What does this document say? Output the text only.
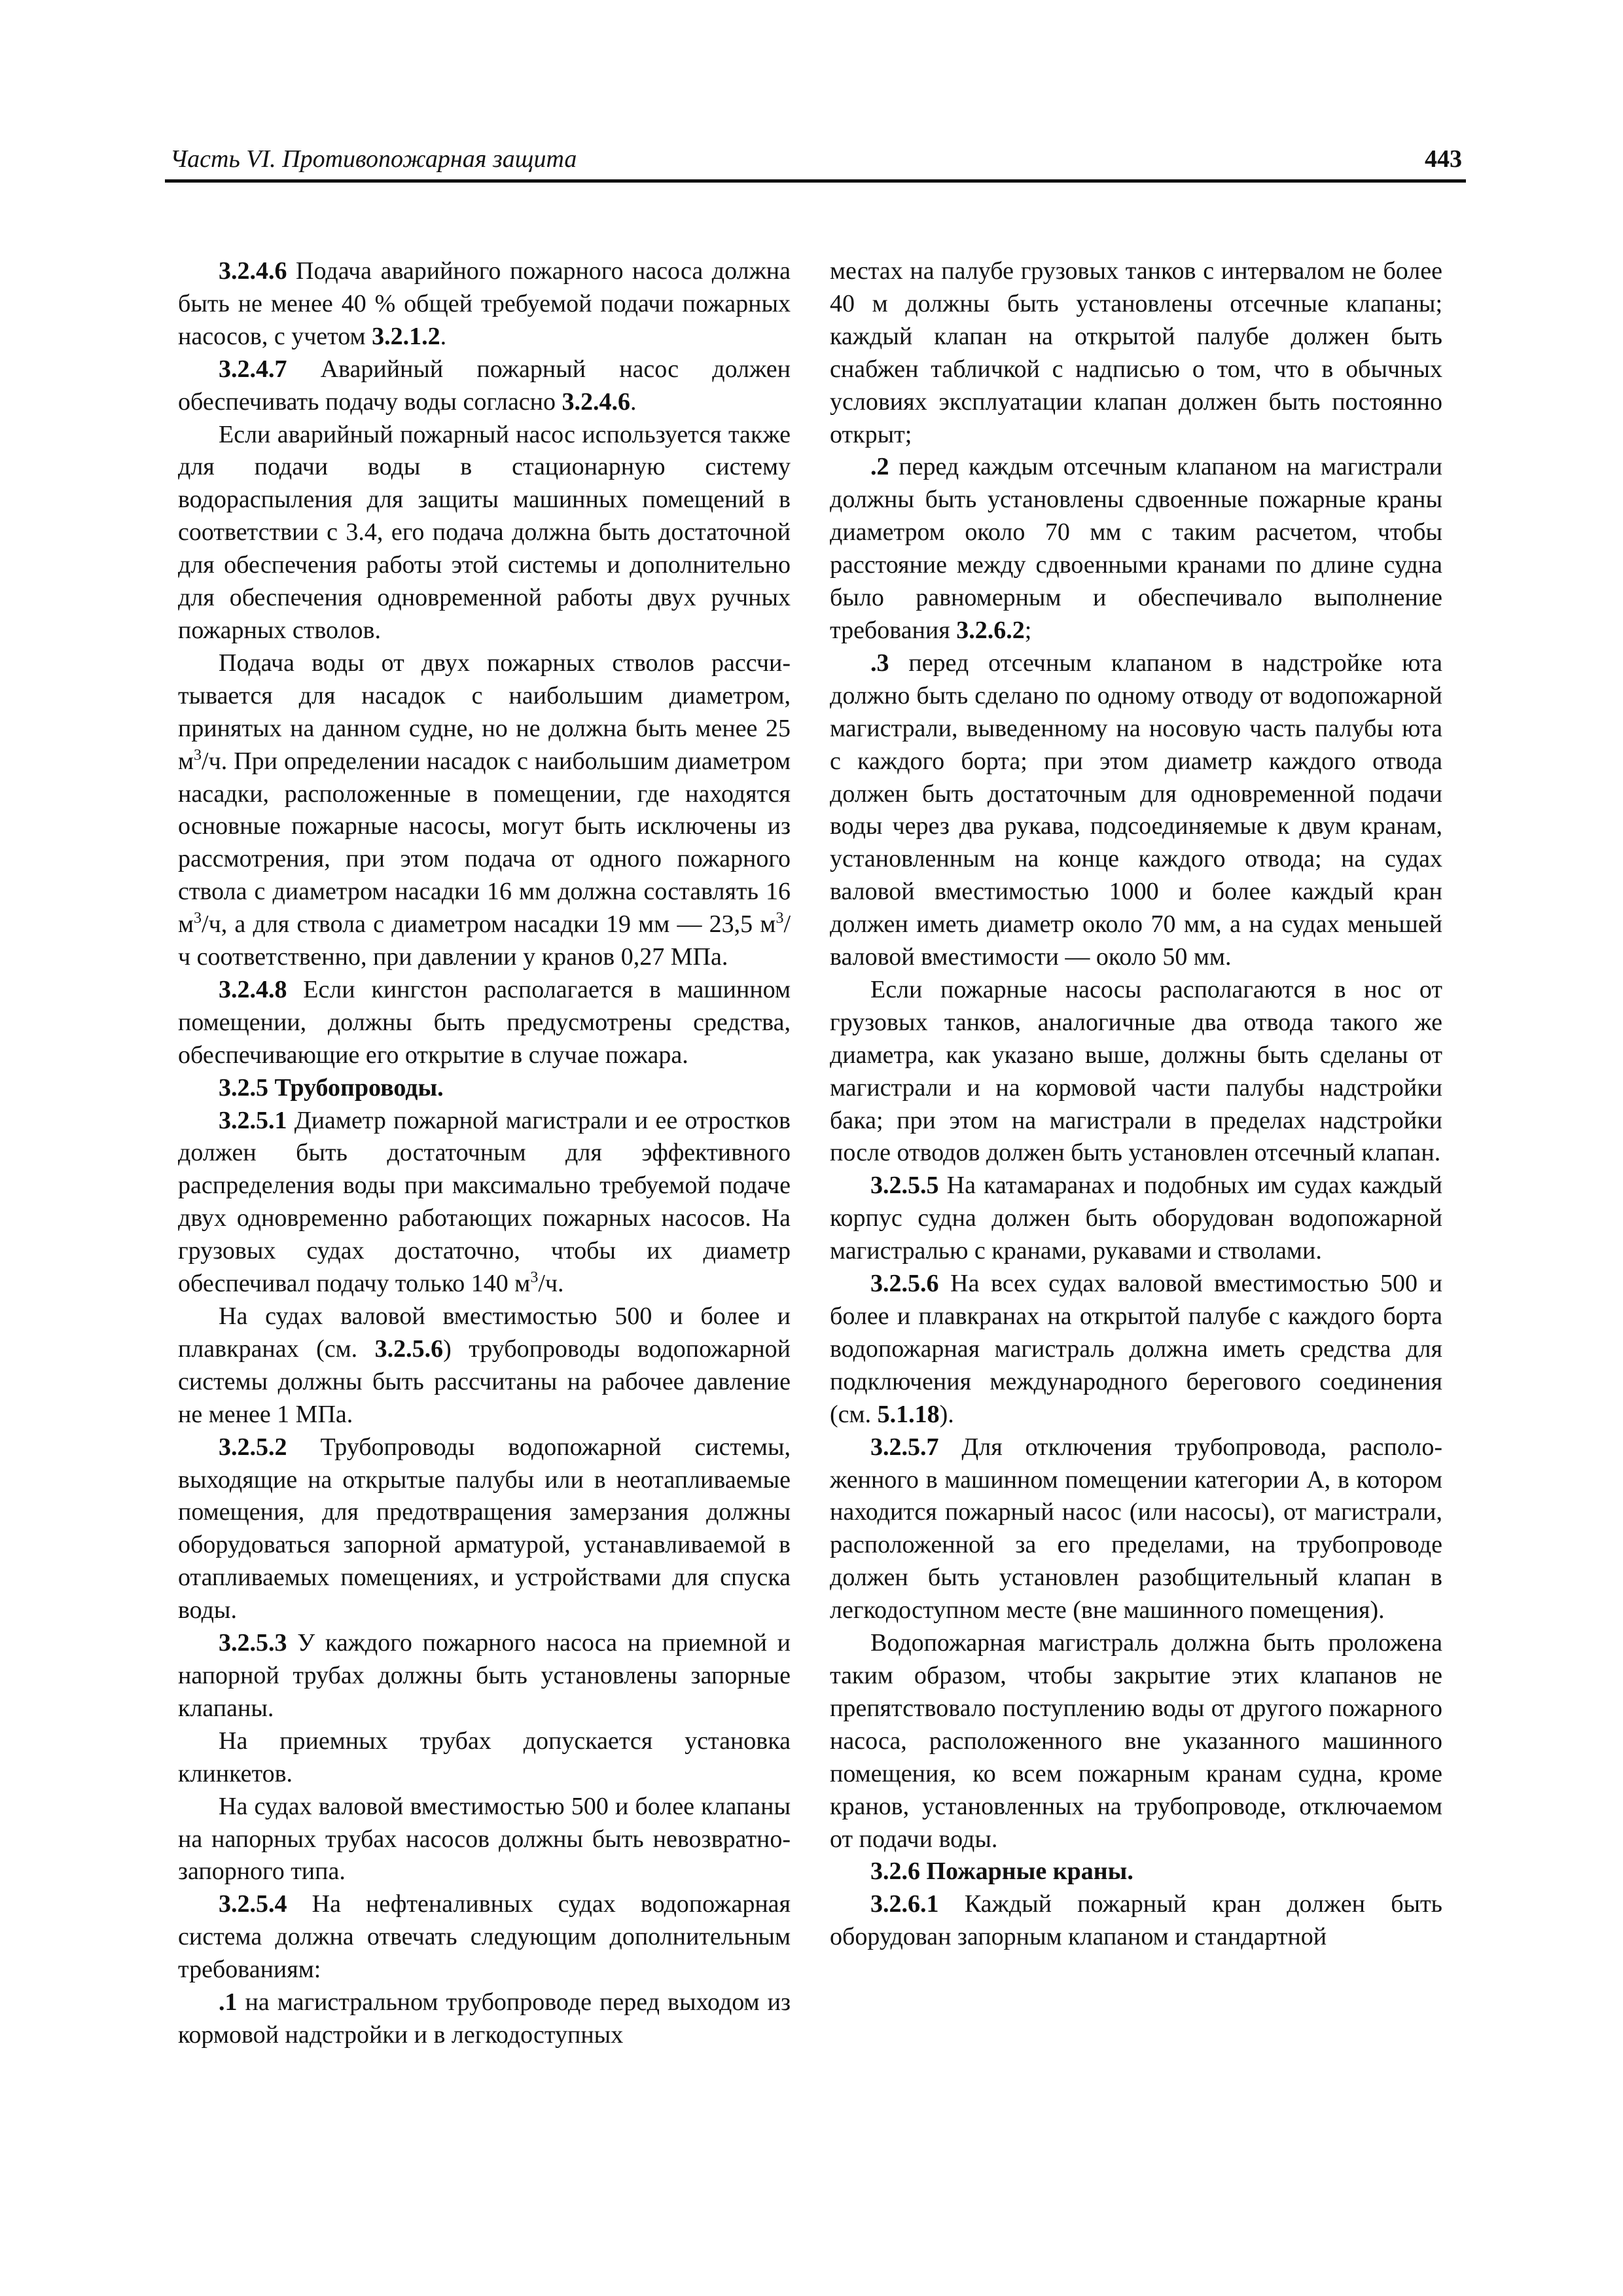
Часть VI. Противопожарная защита	443

3.2.4.6 Подача аварийного пожарного насоса должна быть не менее 40 % общей требуемой подачи пожарных насосов, с учетом 3.2.1.2.

3.2.4.7 Аварийный пожарный насос должен обеспечивать подачу воды согласно 3.2.4.6.

Если аварийный пожарный насос используется также для подачи воды в стационарную систему водораспыления для защиты машинных помещений в соответствии с 3.4, его подача должна быть достаточной для обеспечения работы этой системы и дополнительно для обеспечения одновременной работы двух ручных пожарных стволов.

Подача воды от двух пожарных стволов рассчитывается для насадок с наибольшим диаметром, принятых на данном судне, но не должна быть менее 25 $м^3/ч$. При определении насадок с наибольшим диаметром насадки, расположенные в помещении, где находятся основные пожарные насосы, могут быть исключены из рассмотрения, при этом подача от одного пожарного ствола с диаметром насадки 16 мм должна составлять 16 $м^3/ч$, а для ствола с диаметром насадки 19 мм — 23,5 $м^3/ч$ соответственно, при давлении у кранов 0,27 МПа.

3.2.4.8 Если кингстон располагается в машинном помещении, должны быть предусмотрены средства, обеспечивающие его открытие в случае пожара.

3.2.5 Трубопроводы.

3.2.5.1 Диаметр пожарной магистрали и ее отростков должен быть достаточным для эффективного распределения воды при максимально требуемой подаче двух одновременно работающих пожарных насосов. На грузовых судах достаточно, чтобы их диаметр обеспечивал подачу только 140 $м^3/ч$.

На судах валовой вместимостью 500 и более и плавкранах (см. 3.2.5.6) трубопроводы водопожарной системы должны быть рассчитаны на рабочее давление не менее 1 МПа.

3.2.5.2 Трубопроводы водопожарной системы, выходящие на открытые палубы или в неотапливаемые помещения, для предотвращения замерзания должны оборудоваться запорной арматурой, устанавливаемой в отапливаемых помещениях, и устройствами для спуска воды.

3.2.5.3 У каждого пожарного насоса на приемной и напорной трубах должны быть установлены запорные клапаны.

На приемных трубах допускается установка клинкетов.

На судах валовой вместимостью 500 и более клапаны на напорных трубах насосов должны быть невозвратно-запорного типа.

3.2.5.4 На нефтеналивных судах водопожарная система должна отвечать следующим дополнительным требованиям:

.1 на магистральном трубопроводе перед выходом из кормовой надстройки и в легкодоступных

местах на палубе грузовых танков с интервалом не более 40 м должны быть установлены отсечные клапаны; каждый клапан на открытой палубе должен быть снабжен табличкой с надписью о том, что в обычных условиях эксплуатации клапан должен быть постоянно открыт;

.2 перед каждым отсечным клапаном на магистрали должны быть установлены сдвоенные пожарные краны диаметром около 70 мм с таким расчетом, чтобы расстояние между сдвоенными кранами по длине судна было равномерным и обеспечивало выполнение требования 3.2.6.2;

.3 перед отсечным клапаном в надстройке юта должно быть сделано по одному отводу от водопожарной магистрали, выведенному на носовую часть палубы юта с каждого борта; при этом диаметр каждого отвода должен быть достаточным для одновременной подачи воды через два рукава, подсоединяемые к двум кранам, установленным на конце каждого отвода; на судах валовой вместимостью 1000 и более каждый кран должен иметь диаметр около 70 мм, а на судах меньшей валовой вместимости — около 50 мм.

Если пожарные насосы располагаются в нос от грузовых танков, аналогичные два отвода такого же диаметра, как указано выше, должны быть сделаны от магистрали и на кормовой части палубы надстройки бака; при этом на магистрали в пределах надстройки после отводов должен быть установлен отсечный клапан.

3.2.5.5 На катамаранах и подобных им судах каждый корпус судна должен быть оборудован водопожарной магистралью с кранами, рукавами и стволами.

3.2.5.6 На всех судах валовой вместимостью 500 и более и плавкранах на открытой палубе с каждого борта водопожарная магистраль должна иметь средства для подключения международного берегового соединения (см. 5.1.18).

3.2.5.7 Для отключения трубопровода, расположенного в машинном помещении категории A, в котором находится пожарный насос (или насосы), от магистрали, расположенной за его пределами, на трубопроводе должен быть установлен разобщительный клапан в легкодоступном месте (вне машинного помещения).

Водопожарная магистраль должна быть проложена таким образом, чтобы закрытие этих клапанов не препятствовало поступлению воды от другого пожарного насоса, расположенного вне указанного машинного помещения, ко всем пожарным кранам судна, кроме кранов, установленных на трубопроводе, отключаемом от подачи воды.

3.2.6 Пожарные краны.

3.2.6.1 Каждый пожарный кран должен быть оборудован запорным клапаном и стандартной
